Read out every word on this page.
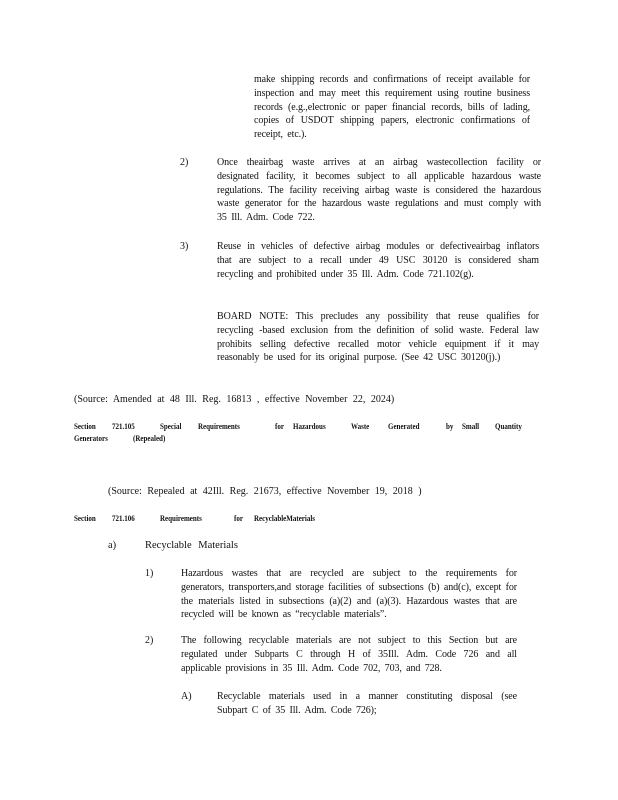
make shipping records and confirmations of receipt available for inspection and may meet this requirement using routine business records (e.g.,electronic or paper financial records, bills of lading, copies of USDOT shipping papers, electronic confirmations of receipt, etc.).
2)	Once theairbag waste arrives at an airbag wastecollection facility or designated facility, it becomes subject to all applicable hazardous waste regulations. The facility receiving airbag waste is considered the hazardous waste generator for the hazardous waste regulations and must comply with 35 Ill. Adm. Code 722.
3)	Reuse in vehicles of defective airbag modules or defectiveairbag inflators that are subject to a recall under 49 USC 30120 is considered sham recycling and prohibited under 35 Ill. Adm. Code 721.102(g).
BOARD NOTE: This precludes any possibility that reuse qualifies for recycling -based exclusion from the definition of solid waste. Federal law prohibits selling defective recalled motor vehicle equipment if it may reasonably be used for its original purpose. (See 42 USC 30120(j).)
(Source: Amended at 48 Ill. Reg. 16813 , effective November 22, 2024)
Section 721.105	Special Requirements	for Hazardous	Waste	Generated	by Small Quantity
Generators	(Repealed)
(Source: Repealed at 42Ill. Reg. 21673, effective November 19, 2018 )
Section 721.106	Requirements	for RecyclableMaterials
a)	Recyclable Materials
1)	Hazardous wastes that are recycled are subject to the requirements for generators, transporters,and storage facilities of subsections (b) and(c), except for the materials listed in subsections (a)(2) and (a)(3). Hazardous wastes that are recycled will be known as “recyclable materials”.
2)	The following recyclable materials are not subject to this Section but are regulated under Subparts C through H of 35Ill. Adm. Code 726 and all applicable provisions in 35 Ill. Adm. Code 702, 703, and 728.
A)	Recyclable materials used in a manner constituting disposal (see Subpart C of 35 Ill. Adm. Code 726);
